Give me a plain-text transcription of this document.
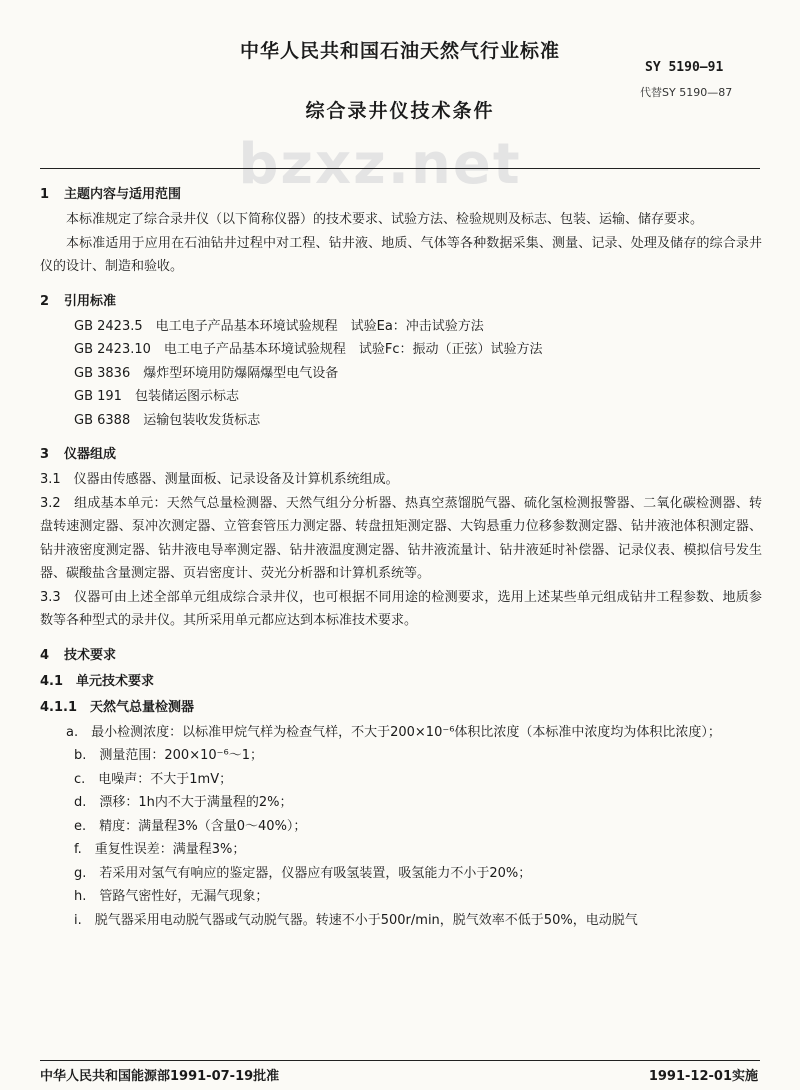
中华人民共和国石油天然气行业标准
SY 5190—91
代替SY 5190—87
综合录井仪技术条件
bzxz.net
1 主题内容与适用范围

本标准规定了综合录井仪（以下简称仪器）的技术要求、试验方法、检验规则及标志、包装、运输、储存要求。

本标准适用于应用在石油钻井过程中对工程、钻井液、地质、气体等各种数据采集、测量、记录、处理及储存的综合录井仪的设计、制造和验收。

2 引用标准

GB 2423.5　电工电子产品基本环境试验规程　试验Ea：冲击试验方法

GB 2423.10　电工电子产品基本环境试验规程　试验Fc：振动（正弦）试验方法

GB 3836　爆炸型环境用防爆隔爆型电气设备

GB 191　包装储运图示标志

GB 6388　运输包装收发货标志

3 仪器组成

3.1　仪器由传感器、测量面板、记录设备及计算机系统组成。

3.2　组成基本单元：天然气总量检测器、天然气组分分析器、热真空蒸馏脱气器、硫化氢检测报警器、二氧化碳检测器、转盘转速测定器、泵冲次测定器、立管套管压力测定器、转盘扭矩测定器、大钩悬重力位移参数测定器、钻井液池体积测定器、钻井液密度测定器、钻井液电导率测定器、钻井液温度测定器、钻井液流量计、钻井液延时补偿器、记录仪表、模拟信号发生器、碳酸盐含量测定器、页岩密度计、荧光分析器和计算机系统等。

3.3　仪器可由上述全部单元组成综合录井仪，也可根据不同用途的检测要求，选用上述某些单元组成钻井工程参数、地质参数等各种型式的录井仪。其所采用单元都应达到本标准技术要求。

4 技术要求
4.1　单元技术要求
4.1.1　天然气总量检测器

a.　最小检测浓度：以标准甲烷气样为检查气样，不大于200×10⁻⁶体积比浓度（本标准中浓度均为体积比浓度）；

b.　测量范围：200×10⁻⁶～1；

c.　电噪声：不大于1mV；

d.　漂移：1h内不大于满量程的2%；

e.　精度：满量程3%（含量0～40%）；

f.　重复性误差：满量程3%；

g.　若采用对氢气有响应的鉴定器，仪器应有吸氢装置，吸氢能力不小于20%；

h.　管路气密性好，无漏气现象；

i.　脱气器采用电动脱气器或气动脱气器。转速不小于500r/min，脱气效率不低于50%，电动脱气

中华人民共和国能源部1991-07-19批准	1991-12-01实施
